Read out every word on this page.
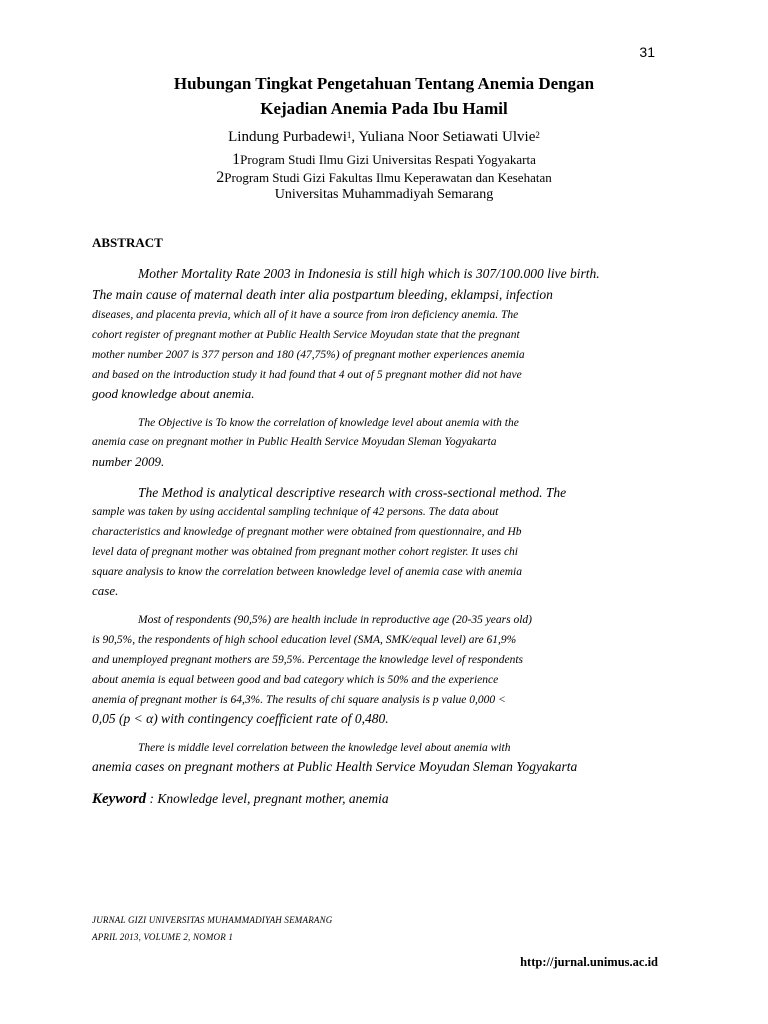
31
Hubungan Tingkat Pengetahuan Tentang Anemia Dengan
Kejadian Anemia Pada Ibu Hamil
Lindung Purbadewi$^1$, Yuliana Noor Setiawati Ulvie$^2$
1Program Studi Ilmu Gizi Universitas Respati Yogyakarta
2Program Studi Gizi Fakultas Ilmu Keperawatan dan Kesehatan
Universitas Muhammadiyah Semarang
ABSTRACT
Mother Mortality Rate 2003 in Indonesia is still high which is 307/100.000 live birth.
The main cause of maternal death inter alia postpartum bleeding, eklampsi, infection
diseases, and placenta previa, which all of it have a source from iron deficiency anemia. The
cohort register of pregnant mother at Public Health Service Moyudan state that the pregnant
mother number 2007 is 377 person and 180 (47,75%) of pregnant mother experiences anemia
and based on the introduction study it had found that 4 out of 5 pregnant mother did not have
good knowledge about anemia.
The Objective is To know the correlation of knowledge level about anemia with the
anemia case on pregnant mother in Public Health Service Moyudan Sleman Yogyakarta
number 2009.
The Method is analytical descriptive research with cross-sectional method. The
sample was taken by using accidental sampling technique of 42 persons. The data about
characteristics and knowledge of pregnant mother were obtained from questionnaire, and Hb
level data of pregnant mother was obtained from pregnant mother cohort register. It uses chi
square analysis to know the correlation between knowledge level of anemia case with anemia
case.
Most of respondents (90,5%) are health include in reproductive age (20-35 years old)
is 90,5%, the respondents of high school education level (SMA, SMK/equal level) are 61,9%
and unemployed pregnant mothers are 59,5%. Percentage the knowledge level of respondents
about anemia is equal between good and bad category which is 50% and the experience
anemia of pregnant mother is 64,3%. The results of chi square analysis is p value 0,000 <
0,05 (p < α) with contingency coefficient rate of 0,480.
There is middle level correlation between the knowledge level about anemia with
anemia cases on pregnant mothers at Public Health Service Moyudan Sleman Yogyakarta
Keyword : Knowledge level, pregnant mother, anemia
JURNAL GIZI UNIVERSITAS MUHAMMADIYAH SEMARANG
APRIL 2013, VOLUME 2, NOMOR 1
http://jurnal.unimus.ac.id
